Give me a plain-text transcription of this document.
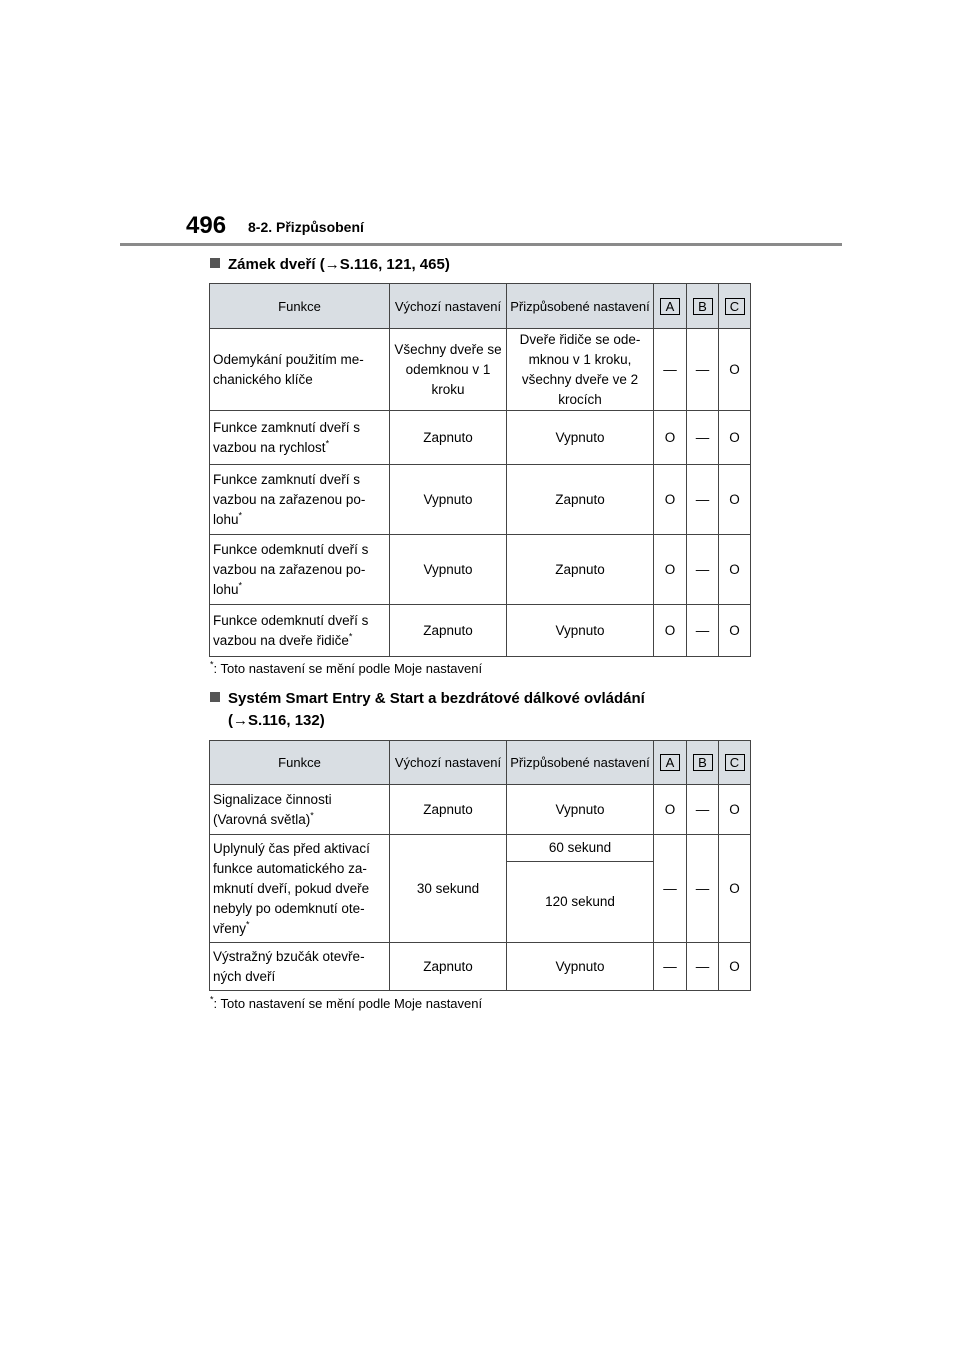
496 8-2. Přizpůsobení
Zámek dveří (→S.116, 121, 465)
Funkce	Výchozí nastavení	Přizpůsobené nastavení	A	B	C
Odemykání použitím me-chanického klíče	Všechny dveře se odemknou v 1 kroku	Dveře řidiče se ode-mknou v 1 kroku, všechny dveře ve 2 krocích	—	—	O
Funkce zamknutí dveří s vazbou na rychlost*	Zapnuto	Vypnuto	O	—	O
Funkce zamknutí dveří s vazbou na zařazenou po-lohu*	Vypnuto	Zapnuto	O	—	O
Funkce odemknutí dveří s vazbou na zařazenou po-lohu*	Vypnuto	Zapnuto	O	—	O
Funkce odemknutí dveří s vazbou na dveře řidiče*	Zapnuto	Vypnuto	O	—	O
*: Toto nastavení se mění podle Moje nastavení
Systém Smart Entry & Start a bezdrátové dálkové ovládání
(→S.116, 132)
Funkce	Výchozí nastavení	Přizpůsobené nastavení	A	B	C
Signalizace činnosti (Varovná světla)*	Zapnuto	Vypnuto	O	—	O
Uplynulý čas před aktivací funkce automatického za-mknutí dveří, pokud dveře nebyly po odemknutí ote-vřeny*	30 sekund	60 sekund	—	—	O
		120 sekund			
Výstražný bzučák otevře-ných dveří	Zapnuto	Vypnuto	—	—	O
*: Toto nastavení se mění podle Moje nastavení
